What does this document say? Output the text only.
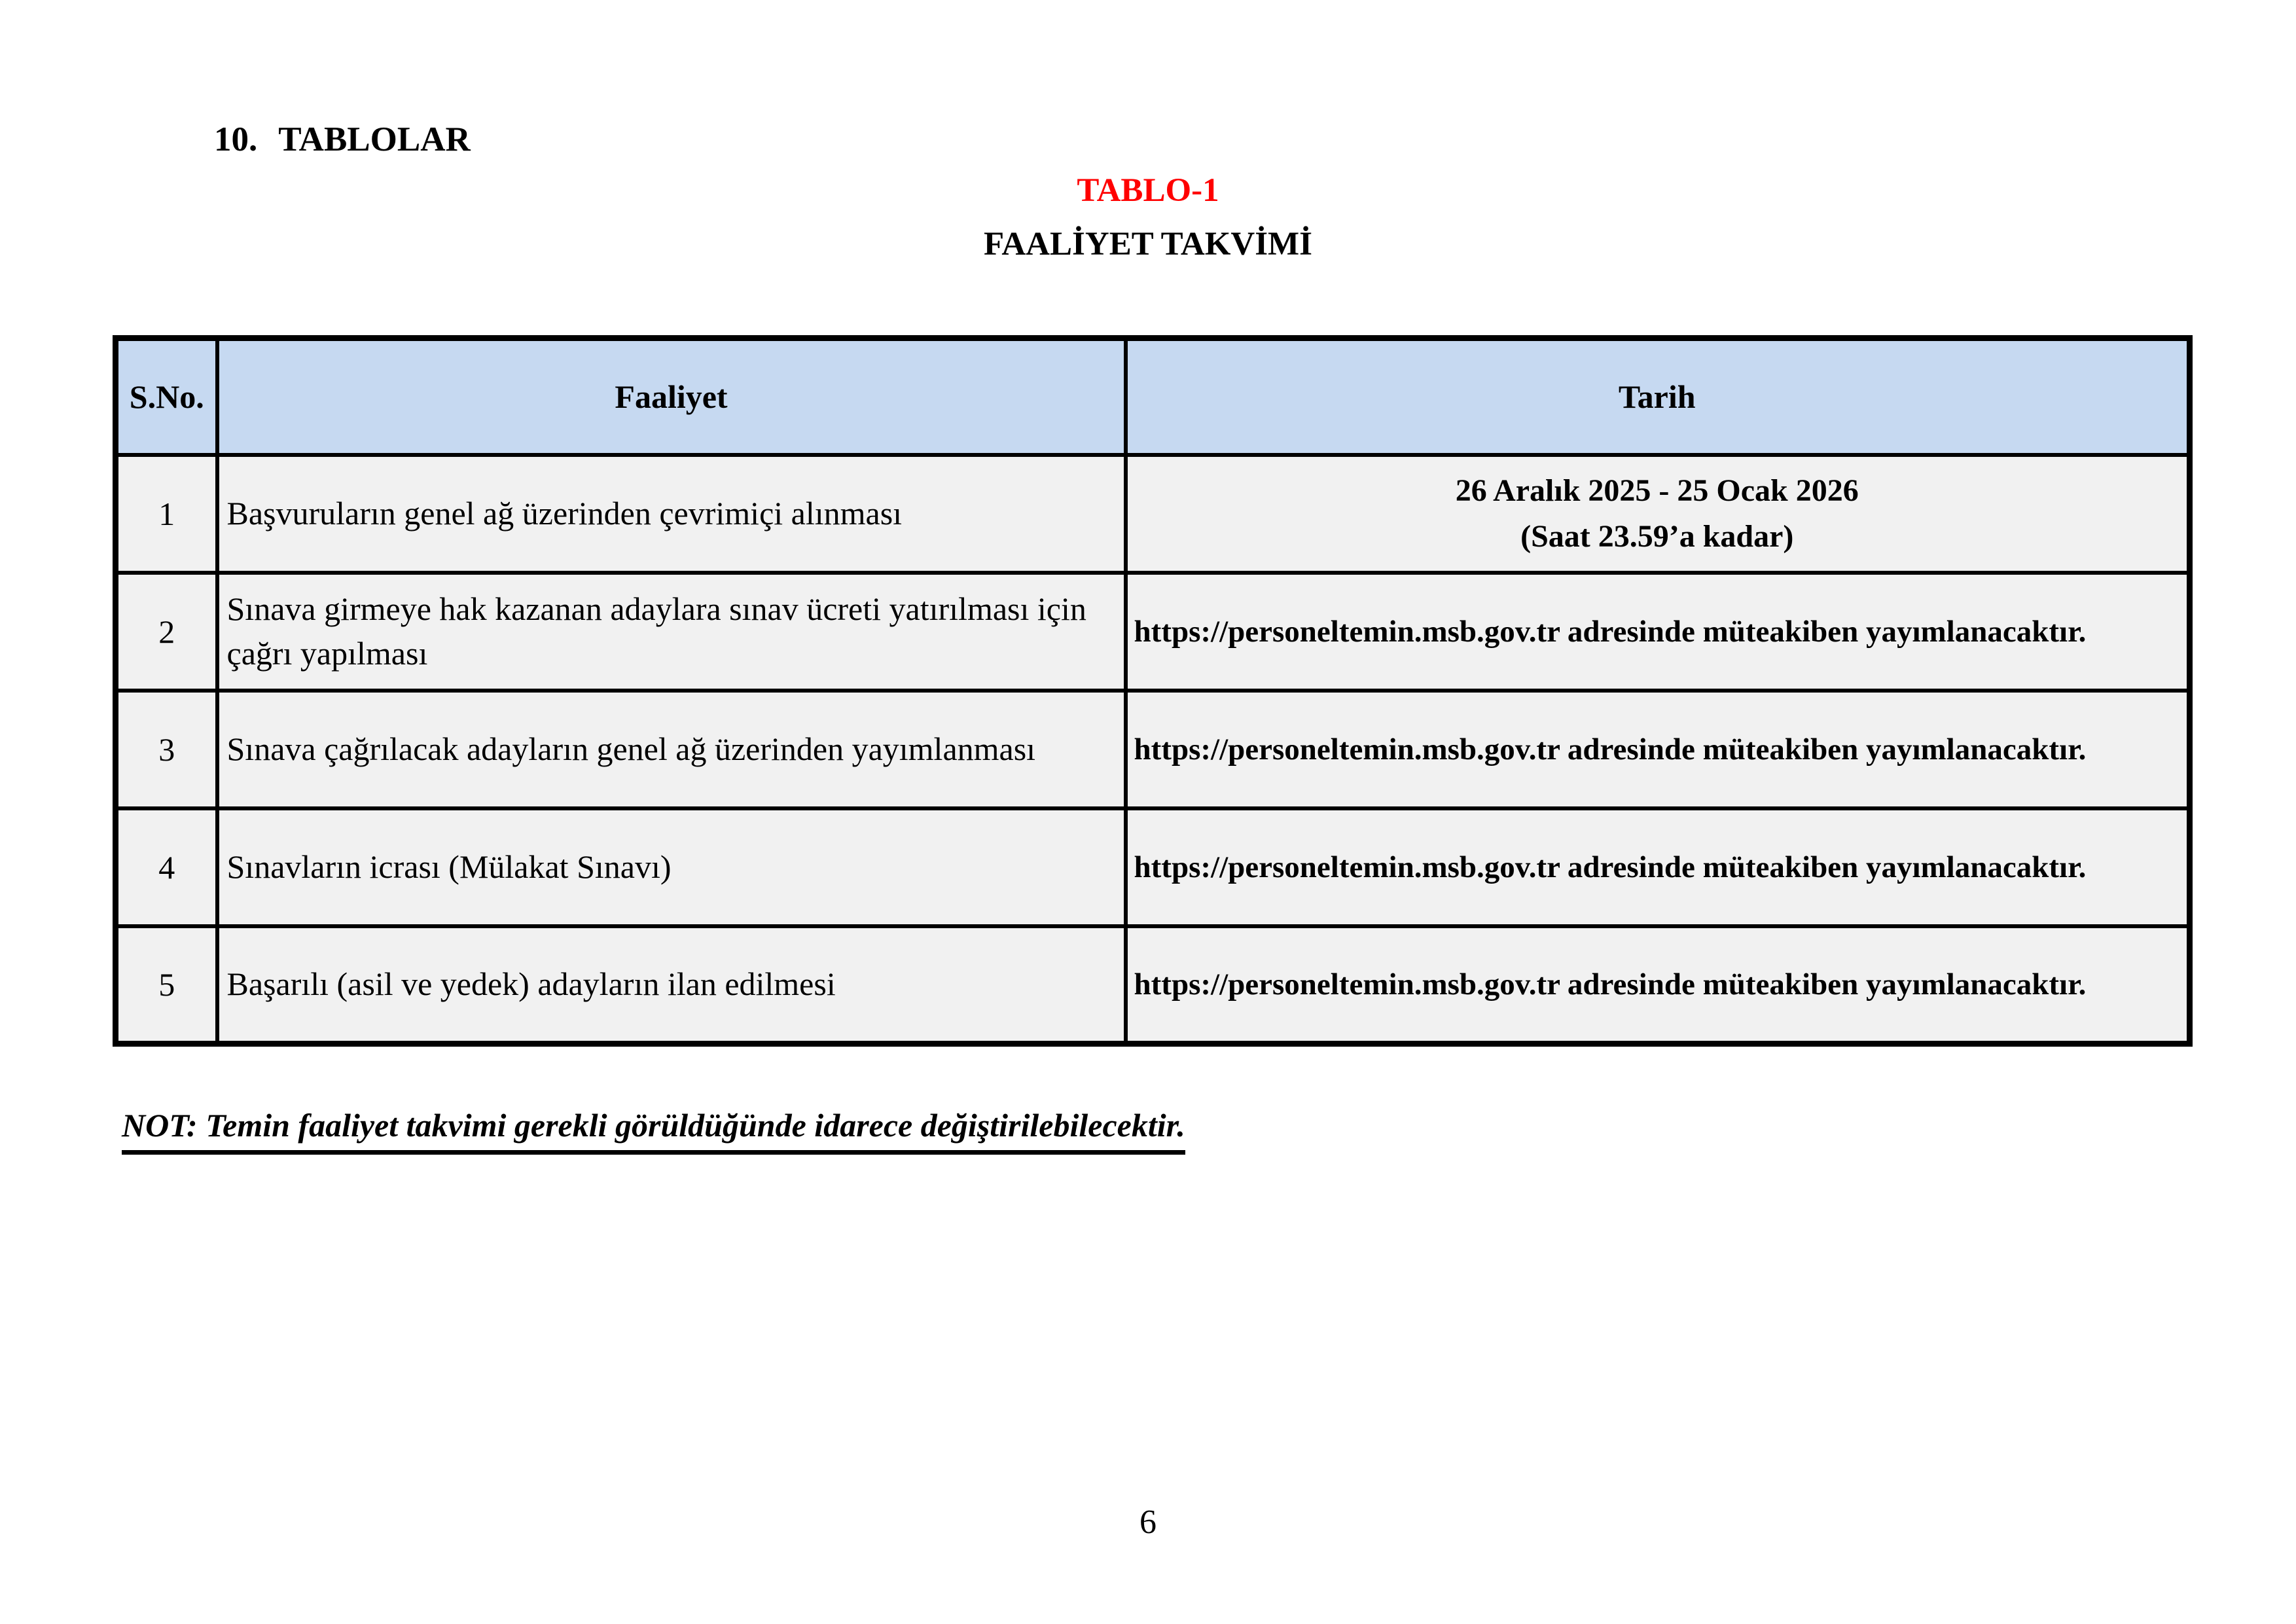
10. TABLOLAR
TABLO-1
FAALİYET TAKVİMİ
S.No.	Faaliyet	Tarih
1	Başvuruların genel ağ üzerinden çevrimiçi alınması	26 Aralık 2025 - 25 Ocak 2026
(Saat 23.59’a kadar)

2	Sınava girmeye hak kazanan adaylara sınav ücreti yatırılması için çağrı yapılması	https://personeltemin.msb.gov.tr adresinde müteakiben yayımlanacaktır.
3	Sınava çağrılacak adayların genel ağ üzerinden yayımlanması	https://personeltemin.msb.gov.tr adresinde müteakiben yayımlanacaktır.
4	Sınavların icrası (Mülakat Sınavı)	https://personeltemin.msb.gov.tr adresinde müteakiben yayımlanacaktır.
5	Başarılı (asil ve yedek) adayların ilan edilmesi	https://personeltemin.msb.gov.tr adresinde müteakiben yayımlanacaktır.
NOT: Temin faaliyet takvimi gerekli görüldüğünde idarece değiştirilebilecektir.
6
